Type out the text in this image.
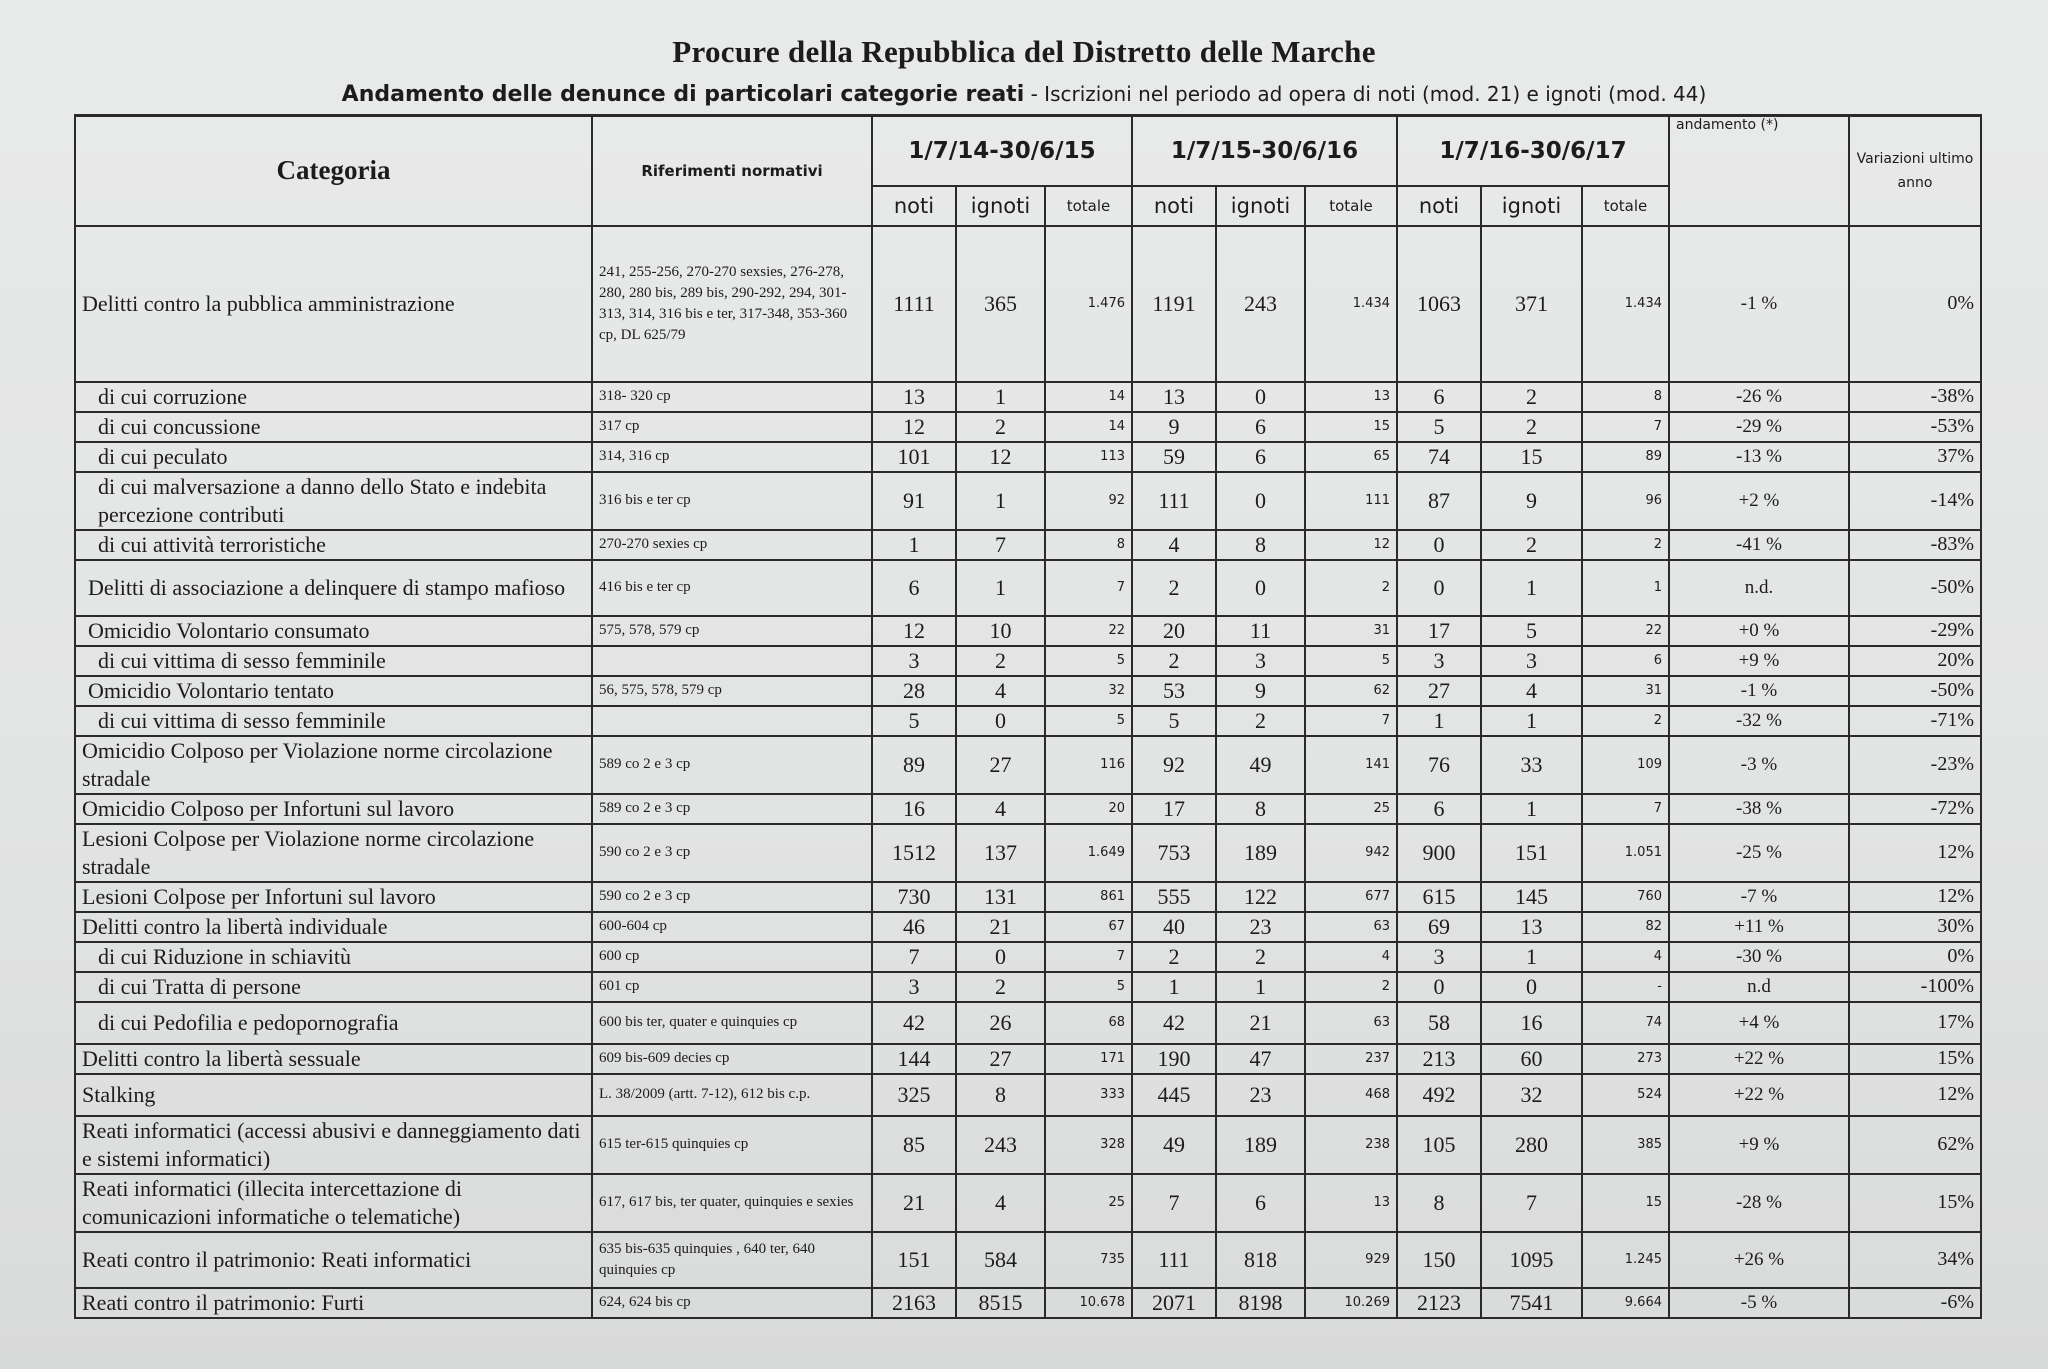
Procure della Repubblica del Distretto delle Marche
Andamento delle denunce di particolari categorie reati - Iscrizioni nel periodo ad opera di noti (mod. 21) e ignoti (mod. 44)
Categoria	Riferimenti normativi	1/7/14-30/6/15			1/7/15-30/6/16			1/7/16-30/6/17			andamento (*)	Variazioni ultimo anno
		noti	ignoti	totale	noti	ignoti	totale	noti	ignoti	totale		
Delitti contro la pubblica amministrazione	241, 255-256, 270-270 sexsies, 276-278, 280, 280 bis, 289 bis, 290-292, 294, 301-313, 314, 316 bis e ter, 317-348, 353-360 cp, DL 625/79	1111	365	1.476	1191	243	1.434	1063	371	1.434	-1 %	0%
di cui corruzione	318- 320 cp	13	1	14	13	0	13	6	2	8	-26 %	-38%
di cui concussione	317 cp	12	2	14	9	6	15	5	2	7	-29 %	-53%
di cui peculato	314, 316 cp	101	12	113	59	6	65	74	15	89	-13 %	37%
di cui malversazione a danno dello Stato e indebita percezione contributi	316 bis e ter cp	91	1	92	111	0	111	87	9	96	+2 %	-14%
di cui attività terroristiche	270-270 sexies cp	1	7	8	4	8	12	0	2	2	-41 %	-83%
Delitti di associazione a delinquere di stampo mafioso	416 bis e ter cp	6	1	7	2	0	2	0	1	1	n.d.	-50%
Omicidio Volontario consumato	575, 578, 579 cp	12	10	22	20	11	31	17	5	22	+0 %	-29%
di cui vittima di sesso femminile		3	2	5	2	3	5	3	3	6	+9 %	20%
Omicidio Volontario tentato	56, 575, 578, 579 cp	28	4	32	53	9	62	27	4	31	-1 %	-50%
di cui vittima di sesso femminile		5	0	5	5	2	7	1	1	2	-32 %	-71%
Omicidio Colposo per Violazione norme circolazione stradale	589 co 2 e 3 cp	89	27	116	92	49	141	76	33	109	-3 %	-23%
Omicidio Colposo per Infortuni sul lavoro	589 co 2 e 3 cp	16	4	20	17	8	25	6	1	7	-38 %	-72%
Lesioni Colpose per Violazione norme circolazione stradale	590 co 2 e 3 cp	1512	137	1.649	753	189	942	900	151	1.051	-25 %	12%
Lesioni Colpose per Infortuni sul lavoro	590 co 2 e 3 cp	730	131	861	555	122	677	615	145	760	-7 %	12%
Delitti contro la libertà individuale	600-604 cp	46	21	67	40	23	63	69	13	82	+11 %	30%
di cui Riduzione in schiavitù	600 cp	7	0	7	2	2	4	3	1	4	-30 %	0%
di cui Tratta di persone	601 cp	3	2	5	1	1	2	0	0	-	n.d	-100%
di cui Pedofilia e pedopornografia	600 bis ter, quater e quinquies cp	42	26	68	42	21	63	58	16	74	+4 %	17%
Delitti contro la libertà sessuale	609 bis-609 decies cp	144	27	171	190	47	237	213	60	273	+22 %	15%
Stalking	L. 38/2009 (artt. 7-12), 612 bis c.p.	325	8	333	445	23	468	492	32	524	+22 %	12%
Reati informatici (accessi abusivi e danneggiamento dati e sistemi informatici)	615 ter-615 quinquies cp	85	243	328	49	189	238	105	280	385	+9 %	62%
Reati informatici (illecita intercettazione di comunicazioni informatiche o telematiche)	617, 617 bis, ter quater, quinquies e sexies	21	4	25	7	6	13	8	7	15	-28 %	15%
Reati contro il patrimonio: Reati informatici	635 bis-635 quinquies , 640 ter, 640 quinquies cp	151	584	735	111	818	929	150	1095	1.245	+26 %	34%
Reati contro il patrimonio: Furti	624, 624 bis cp	2163	8515	10.678	2071	8198	10.269	2123	7541	9.664	-5 %	-6%
